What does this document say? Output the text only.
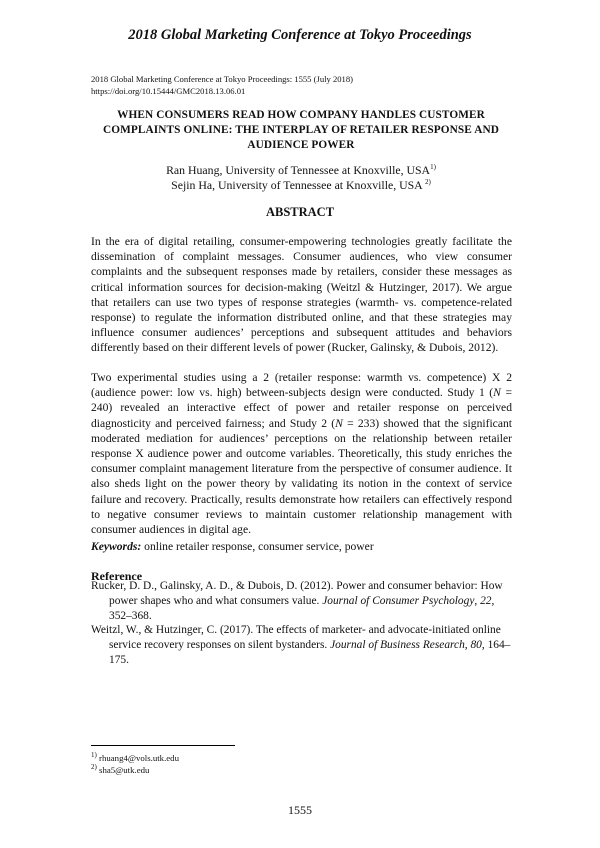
2018 Global Marketing Conference at Tokyo Proceedings
2018 Global Marketing Conference at Tokyo Proceedings: 1555 (July 2018)
https://doi.org/10.15444/GMC2018.13.06.01
WHEN CONSUMERS READ HOW COMPANY HANDLES CUSTOMER COMPLAINTS ONLINE: THE INTERPLAY OF RETAILER RESPONSE AND AUDIENCE POWER
Ran Huang, University of Tennessee at Knoxville, USA$^{1)}$
Sejin Ha, University of Tennessee at Knoxville, USA $^{2)}$
ABSTRACT

In the era of digital retailing, consumer-empowering technologies greatly facilitate the dissemination of complaint messages. Consumer audiences, who view consumer complaints and the subsequent responses made by retailers, consider these messages as critical information sources for decision-making (Weitzl & Hutzinger, 2017). We argue that retailers can use two types of response strategies (warmth- vs. competence-related response) to regulate the information distributed online, and that these strategies may influence consumer audiences’ perceptions and subsequent attitudes and behaviors differently based on their different levels of power (Rucker, Galinsky, & Dubois, 2012).

Two experimental studies using a 2 (retailer response: warmth vs. competence) X 2 (audience power: low vs. high) between-subjects design were conducted. Study 1 (N = 240) revealed an interactive effect of power and retailer response on perceived diagnosticity and perceived fairness; and Study 2 (N = 233) showed that the significant moderated mediation for audiences’ perceptions on the relationship between retailer response X audience power and outcome variables. Theoretically, this study enriches the consumer complaint management literature from the perspective of consumer audience. It also sheds light on the power theory by validating its notion in the context of service failure and recovery. Practically, results demonstrate how retailers can effectively respond to negative consumer reviews to maintain customer relationship management with consumer audiences in digital age.

Keywords: online retailer response, consumer service, power
Reference

Rucker, D. D., Galinsky, A. D., & Dubois, D. (2012). Power and consumer behavior: How power shapes who and what consumers value. Journal of Consumer Psychology, 22, 352–368.

Weitzl, W., & Hutzinger, C. (2017). The effects of marketer- and advocate-initiated online service recovery responses on silent bystanders. Journal of Business Research, 80, 164–175.

$^{1)}$ rhuang4@vols.utk.edu
$^{2)}$ sha5@utk.edu
1555
